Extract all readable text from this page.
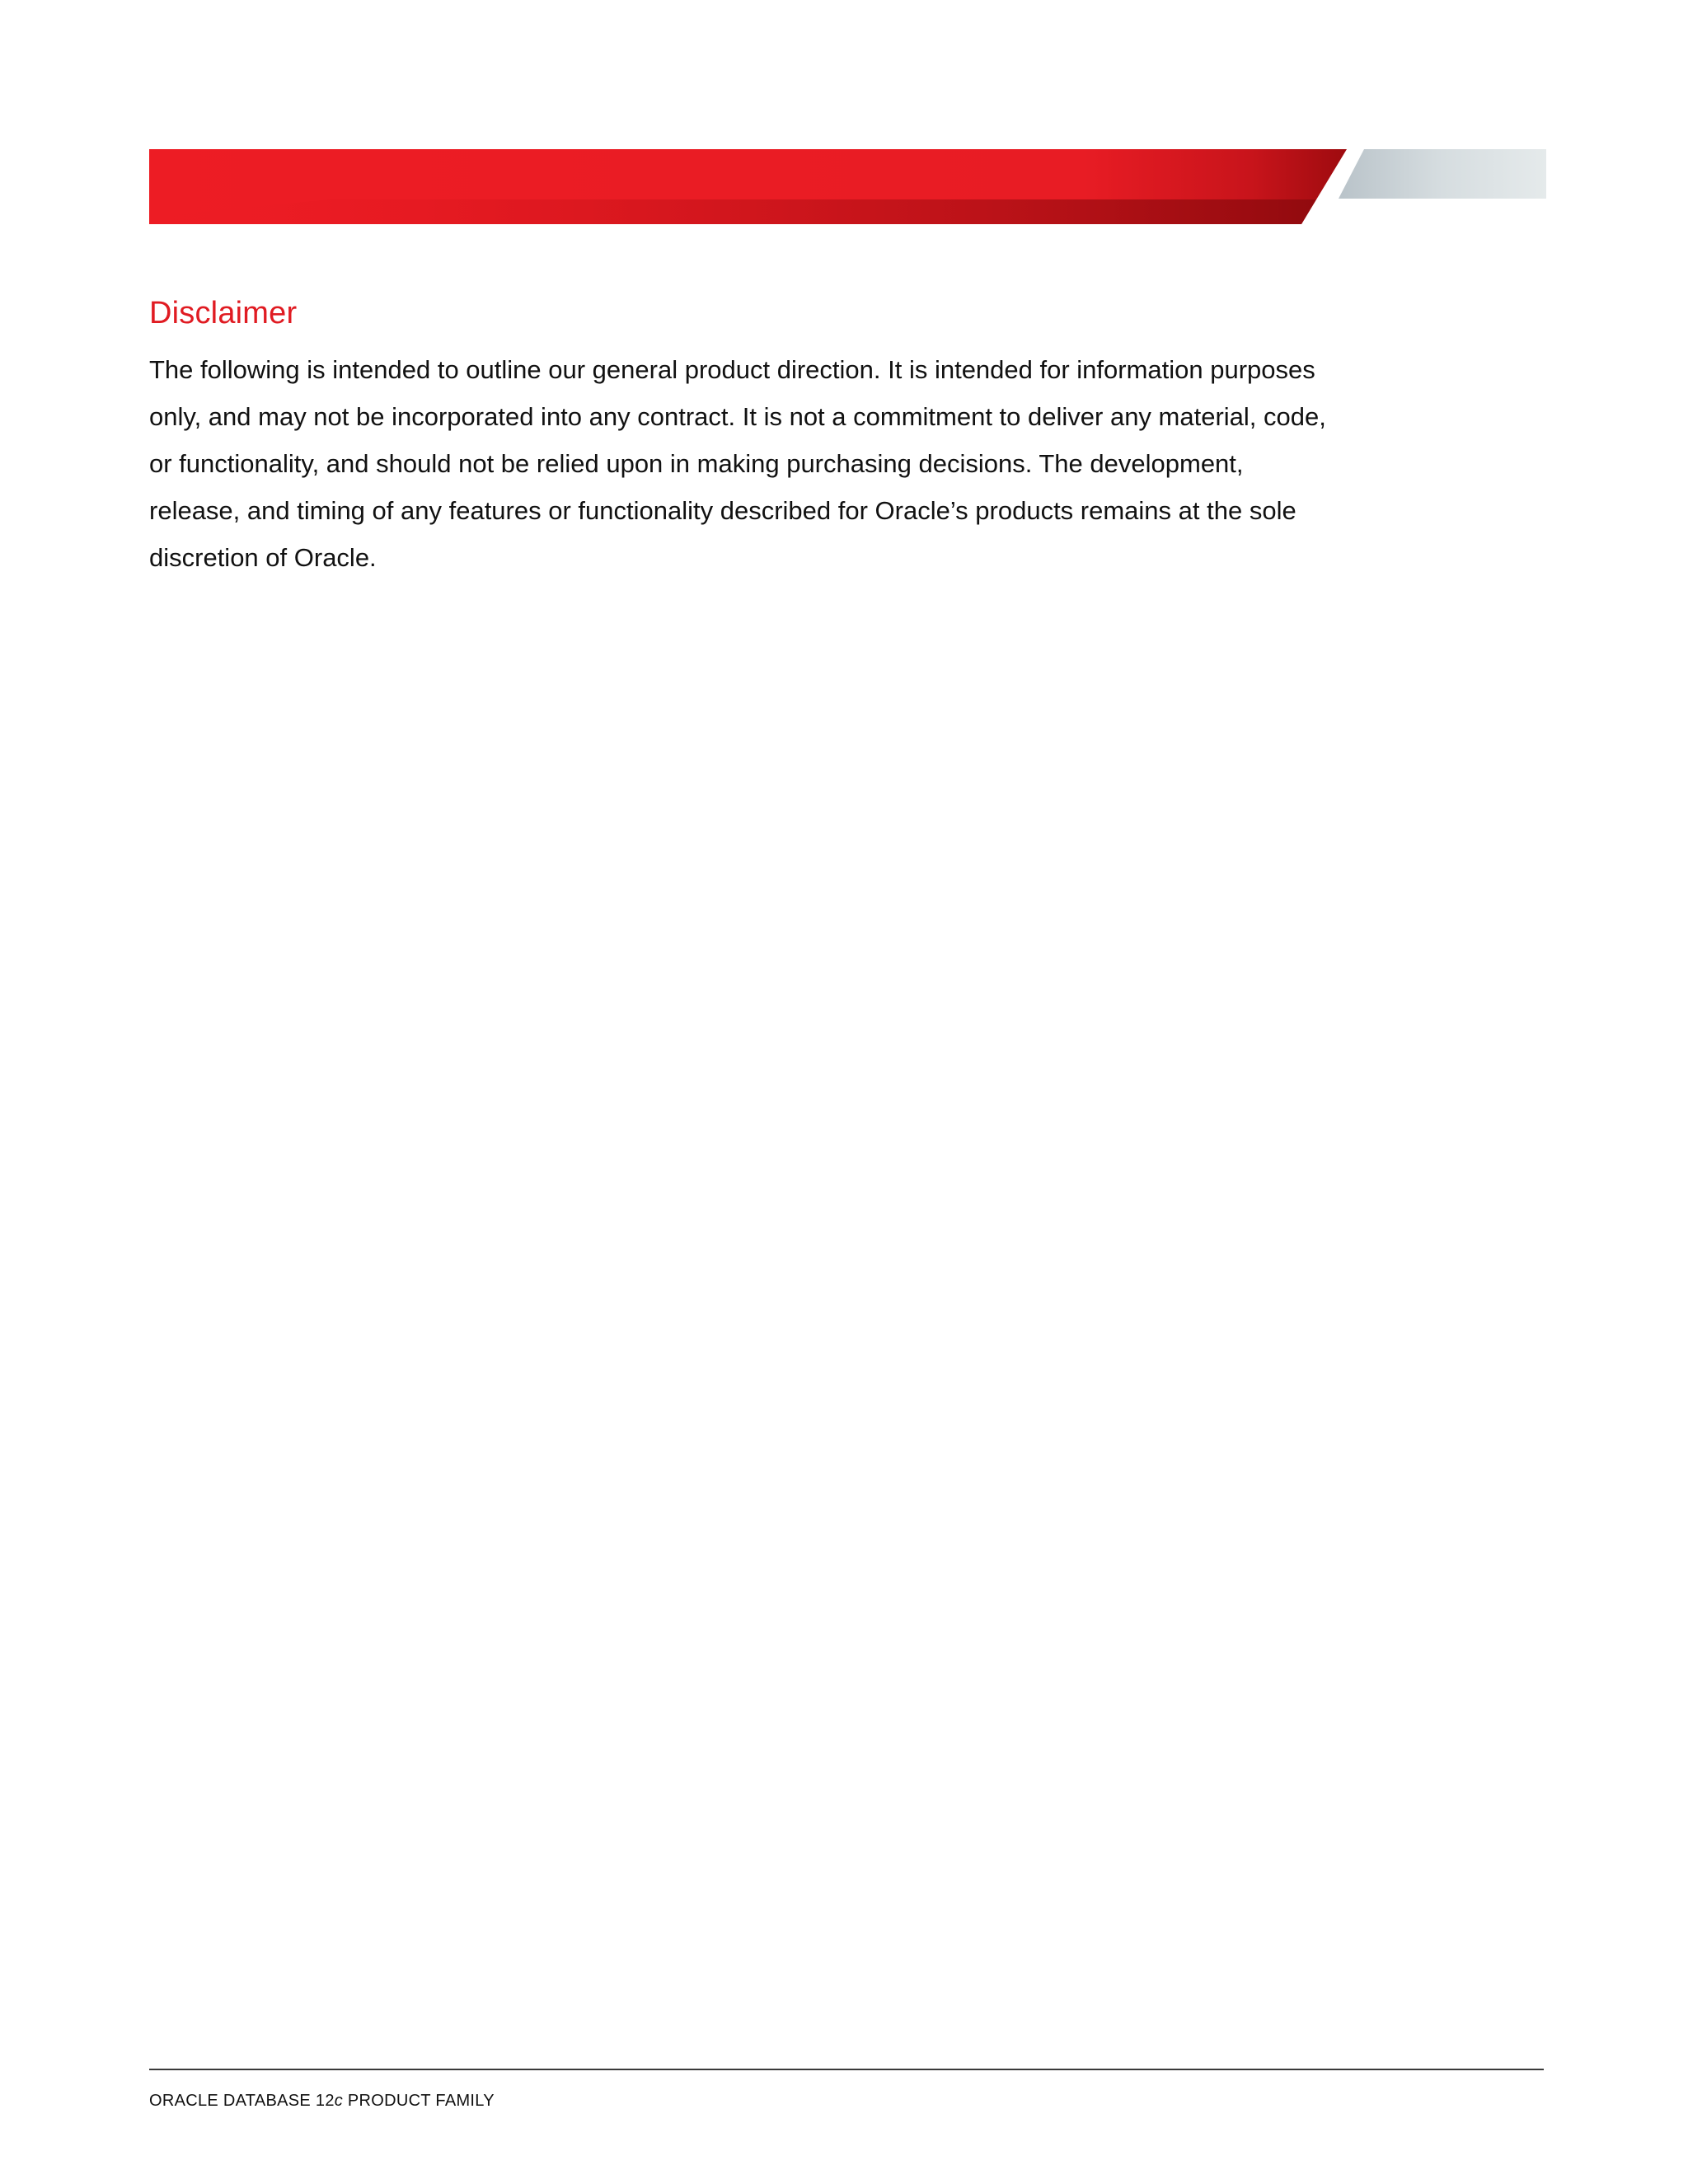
Disclaimer

The following is intended to outline our general product direction. It is intended for information purposes only, and may not be incorporated into any contract. It is not a commitment to deliver any material, code, or functionality, and should not be relied upon in making purchasing decisions. The development, release, and timing of any features or functionality described for Oracle’s products remains at the sole discretion of Oracle.

ORACLE DATABASE 12c PRODUCT FAMILY
